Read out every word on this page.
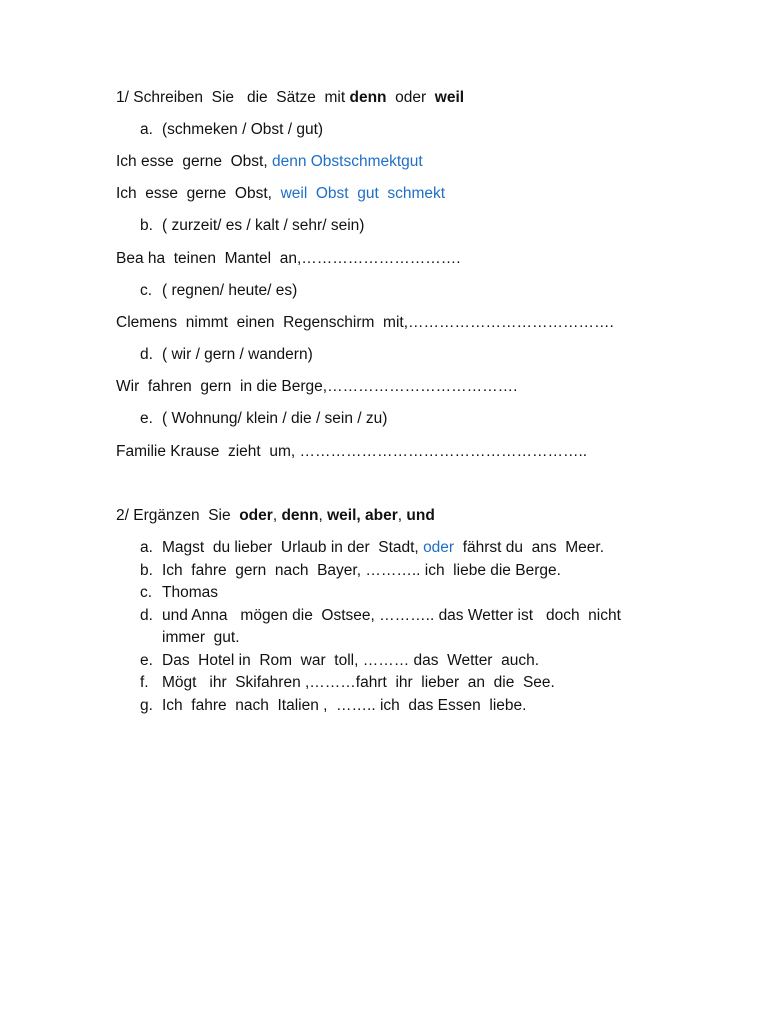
1/ Schreiben  Sie   die  Sätze  mit denn  oder  weil
a. (schmeken / Obst / gut)
Ich esse  gerne  Obst, denn Obstschmektgut
Ich  esse  gerne  Obst,  weil  Obst  gut  schmekt
b. ( zurzeit/ es / kalt / sehr/ sein)
Bea ha  teinen  Mantel  an,………………………….
c. ( regnen/ heute/ es)
Clemens  nimmt  einen  Regenschirm  mit,………………………………….
d. ( wir / gern / wandern)
Wir  fahren  gern  in die Berge,……………………………….
e. ( Wohnung/ klein / die / sein / zu)
Familie Krause  zieht  um, ………………………………………………..
2/ Ergänzen  Sie  oder, denn, weil, aber, und
a. Magst  du lieber  Urlaub in der  Stadt, oder  fährst du  ans  Meer.
b. Ich  fahre  gern  nach  Bayer, ……….. ich  liebe die Berge.
c. Thomas
d. und Anna   mögen die  Ostsee, ……….. das Wetter ist   doch  nicht  immer  gut.
e. Das  Hotel in  Rom  war  toll, ……… das  Wetter  auch.
f. Mögt   ihr  Skifahren ,………fahrt  ihr  lieber  an  die  See.
g. Ich  fahre  nach  Italien ,  …….. ich  das Essen  liebe.
